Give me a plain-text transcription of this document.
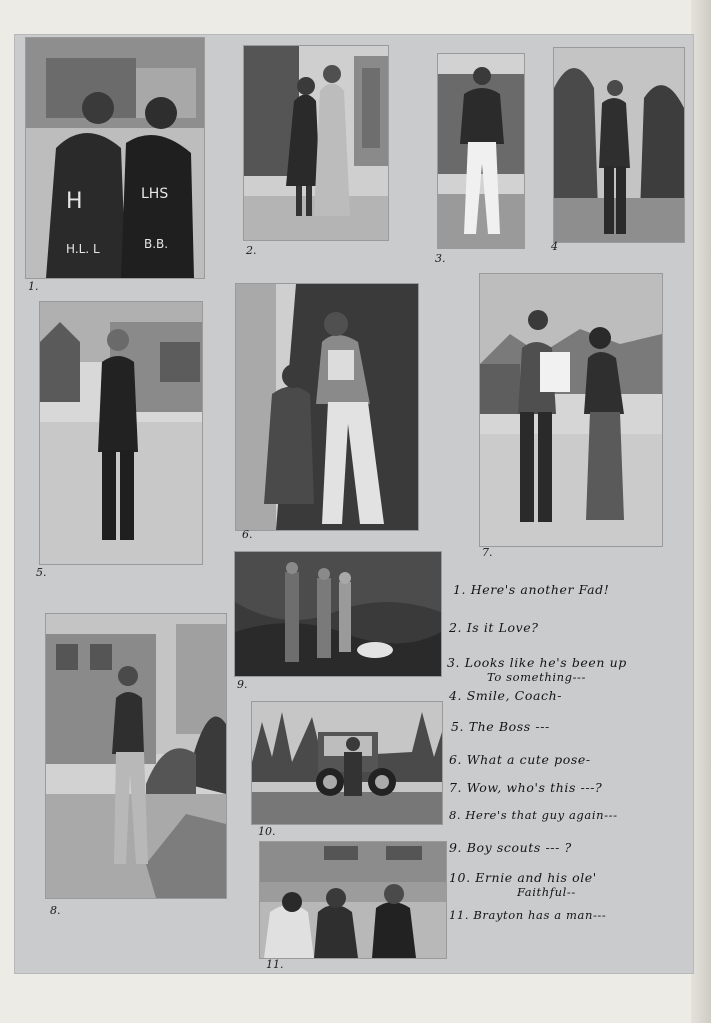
H	LHS
H.L. L	B.B.
1.
2.
3.
4
5.
6.
7.
9.
8.
10.
11.
1. Here's another Fad!
2. Is it Love?
3. Looks like he's been up
To something---
4. Smile, Coach-
5. The Boss ---
6. What a cute pose-
7. Wow, who's this ---?
8. Here's that guy again---
9. Boy scouts --- ?
10. Ernie and his ole'
Faithful--
11. Brayton has a man---
